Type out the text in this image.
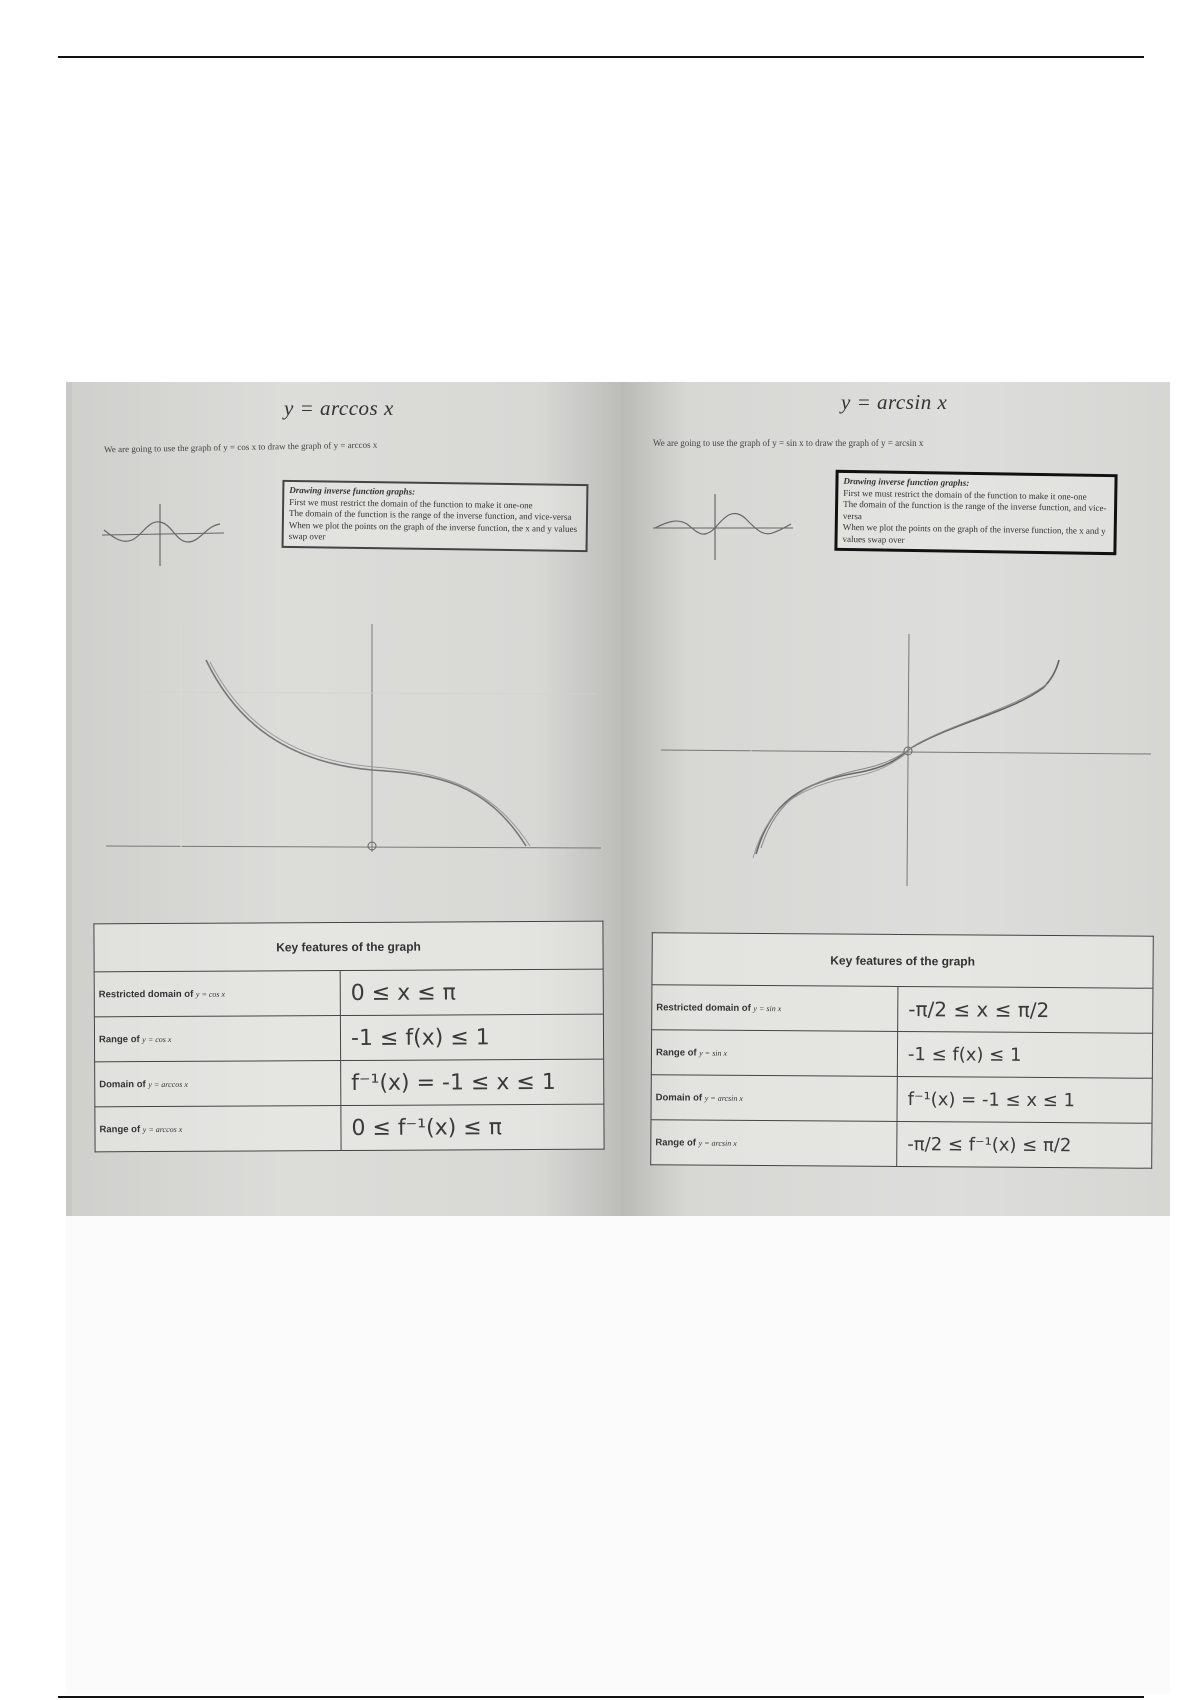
y = arccos x
We are going to use the graph of y = cos x to draw the graph of y = arccos x
Drawing inverse function graphs:
First we must restrict the domain of the function to make it one-one
The domain of the function is the range of the inverse function, and vice-versa
When we plot the points on the graph of the inverse function, the x and y values swap over
Key features of the graph	
Restricted domain of y = cos x	0 ≤ x ≤ π
Range of y = cos x	-1 ≤ f(x) ≤ 1
Domain of y = arccos x	f⁻¹(x) = -1 ≤ x ≤ 1
Range of y = arccos x	0 ≤ f⁻¹(x) ≤ π
y = arcsin x
We are going to use the graph of y = sin x to draw the graph of y = arcsin x
Drawing inverse function graphs:
First we must restrict the domain of the function to make it one-one
The domain of the function is the range of the inverse function, and vice-versa
When we plot the points on the graph of the inverse function, the x and y values swap over
Key features of the graph	
Restricted domain of y = sin x	-π/2 ≤ x ≤ π/2
Range of y = sin x	-1 ≤ f(x) ≤ 1
Domain of y = arcsin x	f⁻¹(x) = -1 ≤ x ≤ 1
Range of y = arcsin x	-π/2 ≤ f⁻¹(x) ≤ π/2
